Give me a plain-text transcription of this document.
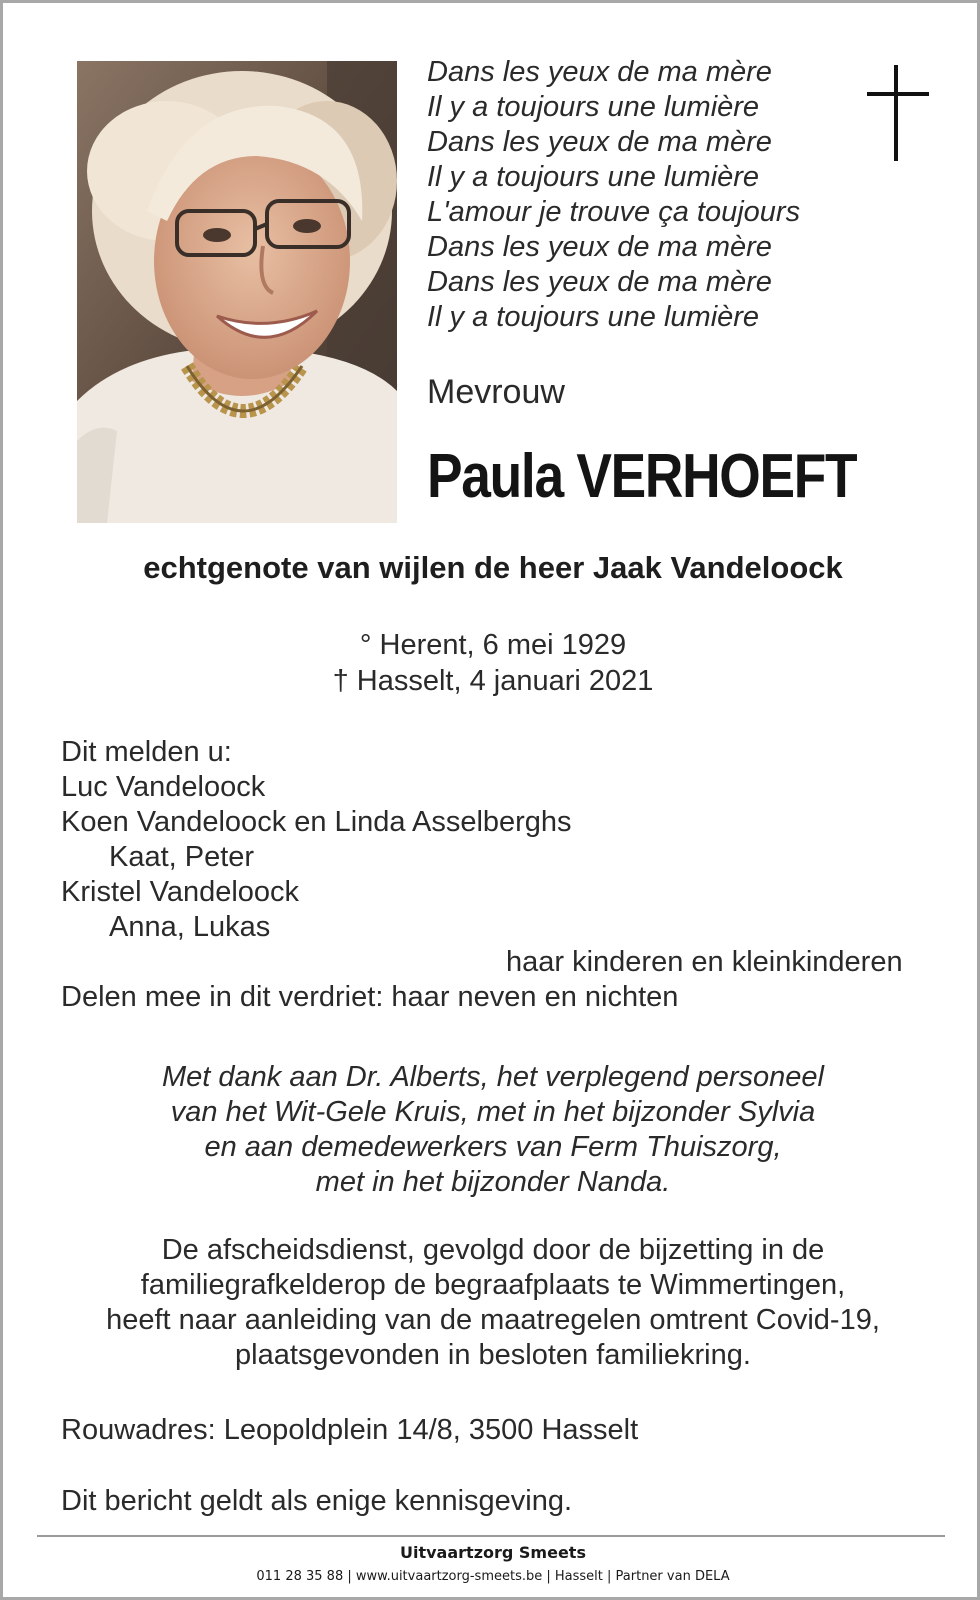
Dans les yeux de ma mère
Il y a toujours une lumière
Dans les yeux de ma mère
Il y a toujours une lumière
L'amour je trouve ça toujours
Dans les yeux de ma mère
Dans les yeux de ma mère
Il y a toujours une lumière
Mevrouw
Paula VERHOEFT
echtgenote van wijlen de heer Jaak Vandeloock
° Herent, 6 mei 1929
† Hasselt, 4 januari 2021
Dit melden u:
Luc Vandeloock
Koen Vandeloock en Linda Asselberghs
Kaat, Peter
Kristel Vandeloock
Anna, Lukas
haar kinderen en kleinkinderen
Delen mee in dit verdriet: haar neven en nichten
Met dank aan Dr. Alberts, het verplegend personeel
van het Wit-Gele Kruis, met in het bijzonder Sylvia
en aan demedewerkers van Ferm Thuiszorg,
met in het bijzonder Nanda.
De afscheidsdienst, gevolgd door de bijzetting in de
familiegrafkelderop de begraafplaats te Wimmertingen,
heeft naar aanleiding van de maatregelen omtrent Covid-19,
plaatsgevonden in besloten familiekring.
Rouwadres: Leopoldplein 14/8, 3500 Hasselt
Dit bericht geldt als enige kennisgeving.
Uitvaartzorg Smeets
011 28 35 88 | www.uitvaartzorg-smeets.be | Hasselt | Partner van DELA
